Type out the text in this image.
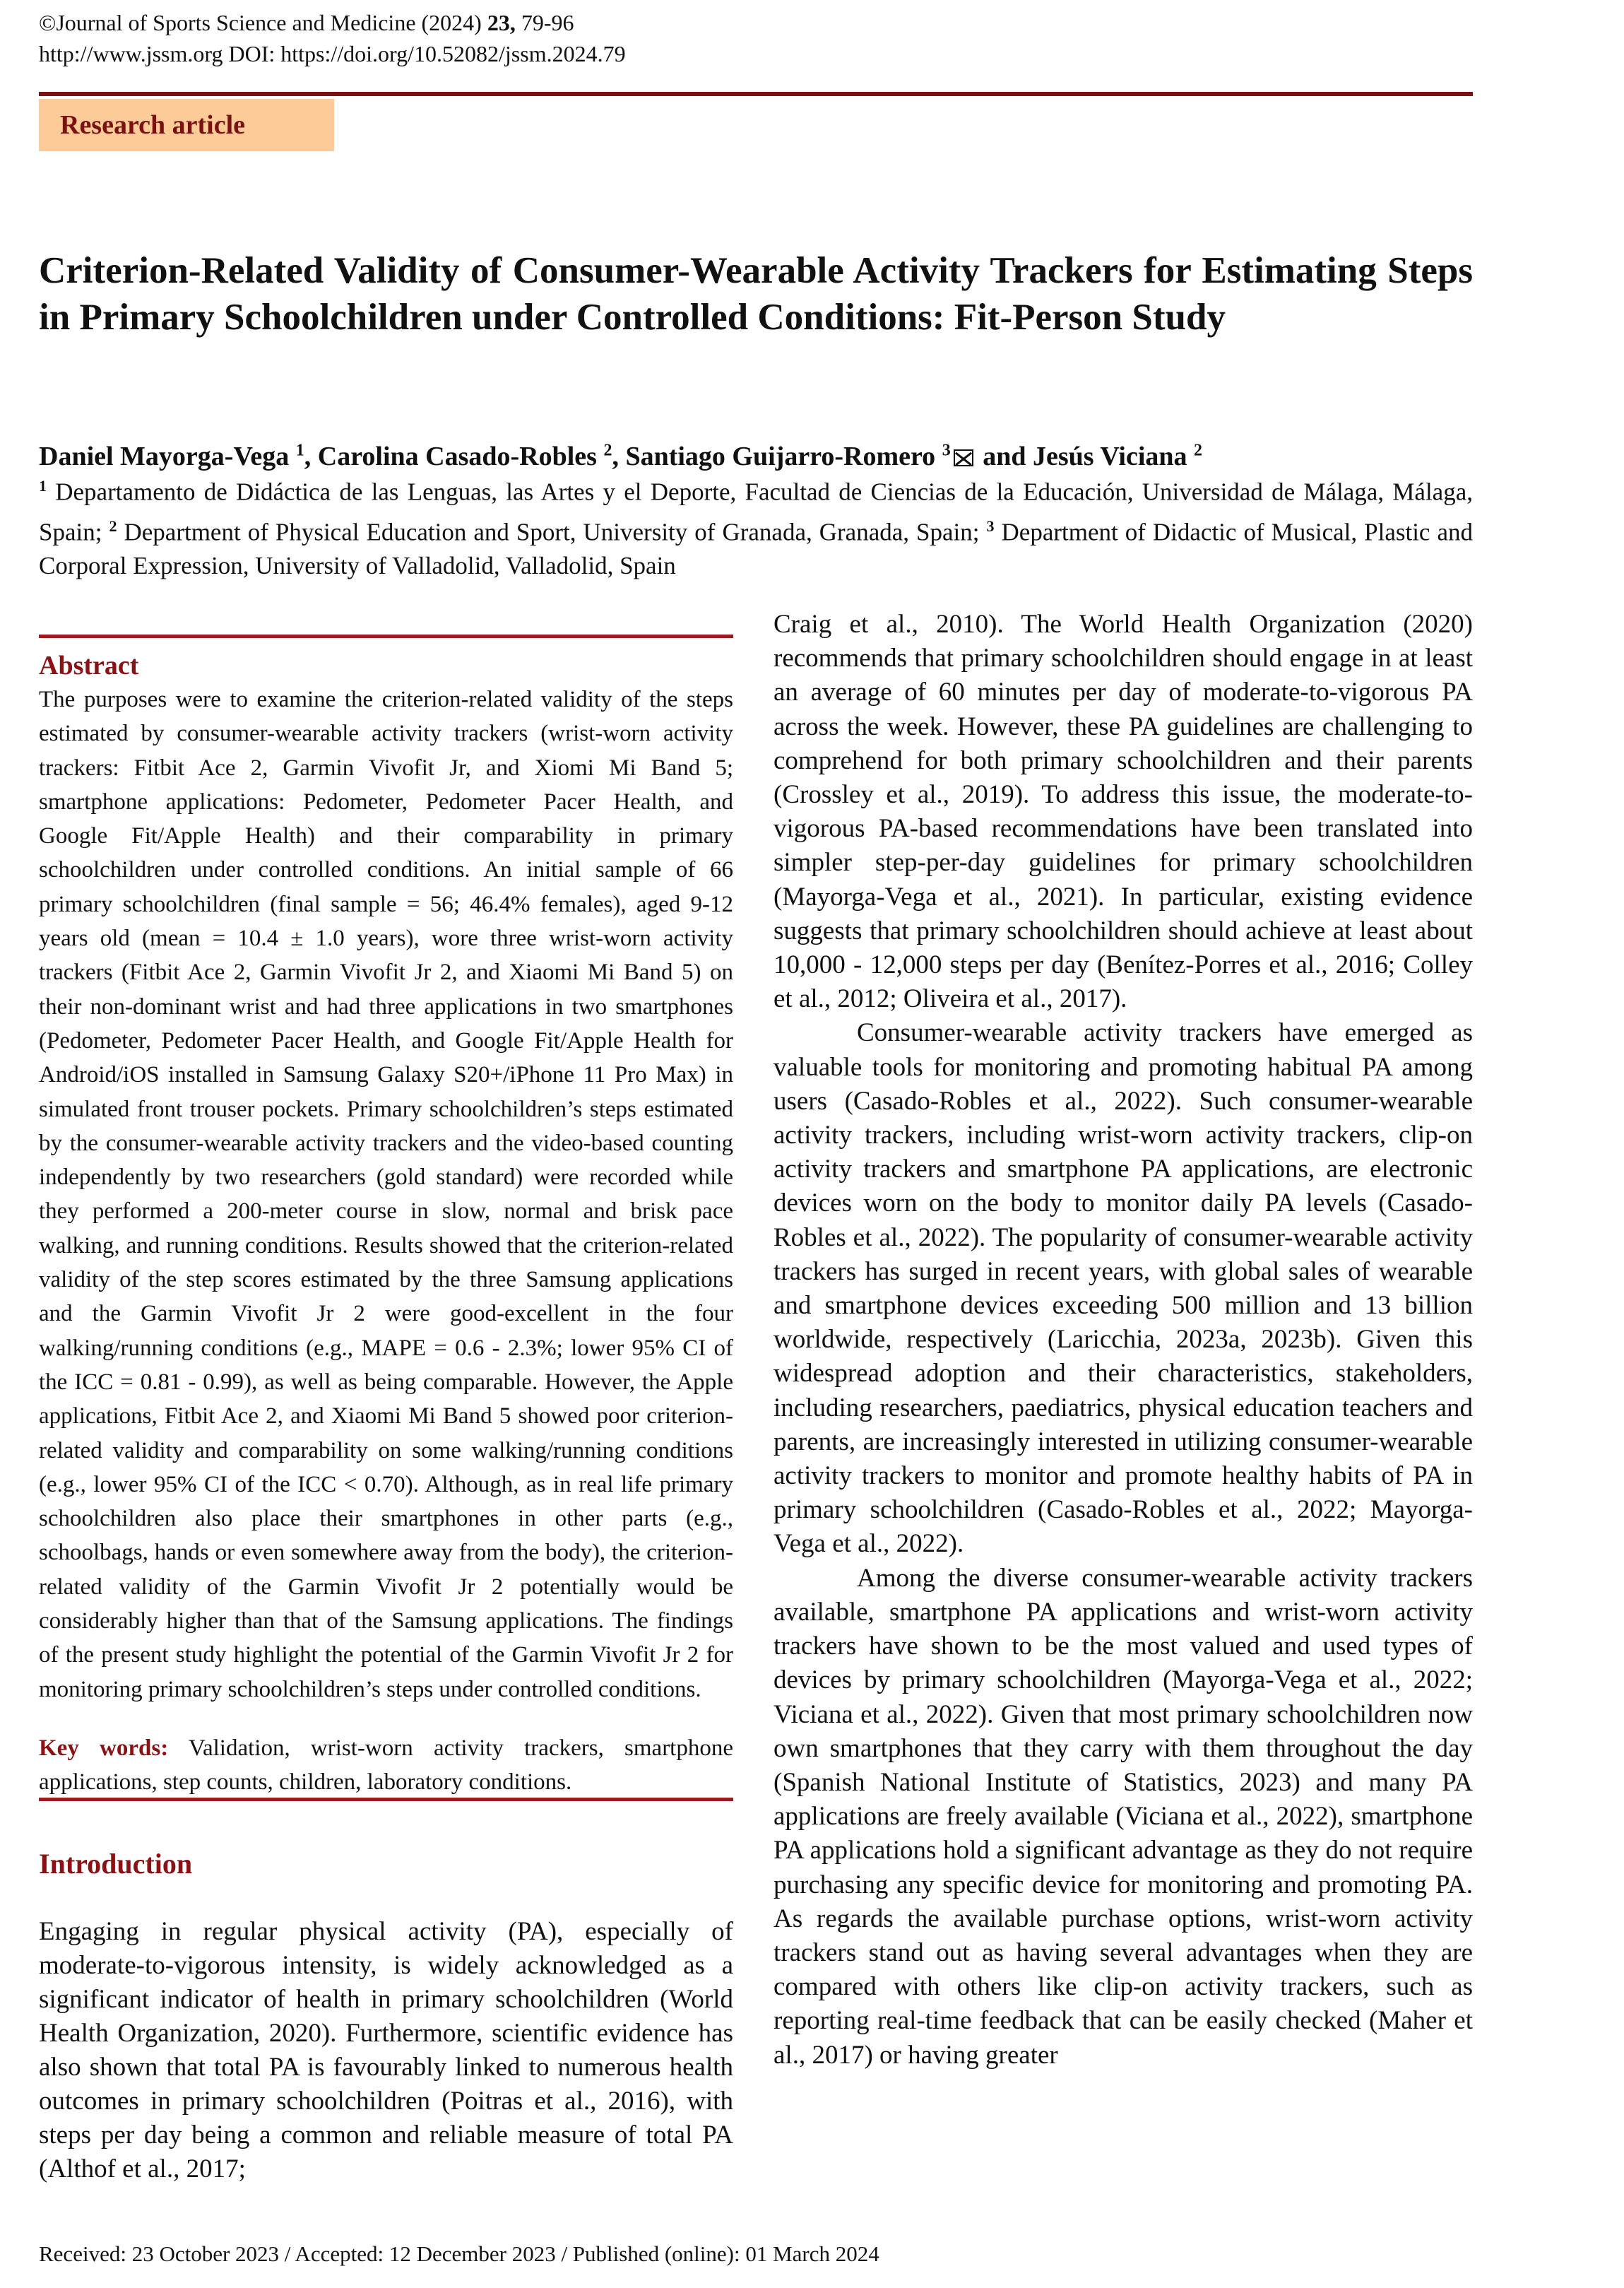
©Journal of Sports Science and Medicine (2024) 23, 79-96
http://www.jssm.org DOI: https://doi.org/10.52082/jssm.2024.79
Research article
Criterion-Related Validity of Consumer-Wearable Activity Trackers for Estimating Steps in Primary Schoolchildren under Controlled Conditions: Fit-Person Study
Daniel Mayorga-Vega $^1$, Carolina Casado-Robles $^2$, Santiago Guijarro-Romero $^3$ and Jesús Viciana $^2$
$^1$ Departamento de Didáctica de las Lenguas, las Artes y el Deporte, Facultad de Ciencias de la Educación, Universidad de Málaga, Málaga, Spain; $^2$ Department of Physical Education and Sport, University of Granada, Granada, Spain; $^3$ Department of Didactic of Musical, Plastic and Corporal Expression, University of Valladolid, Valladolid, Spain
Abstract
The purposes were to examine the criterion-related validity of the steps estimated by consumer-wearable activity trackers (wrist-worn activity trackers: Fitbit Ace 2, Garmin Vivofit Jr, and Xiomi Mi Band 5; smartphone applications: Pedometer, Pedometer Pacer Health, and Google Fit/Apple Health) and their comparability in primary schoolchildren under controlled conditions. An initial sample of 66 primary schoolchildren (final sample = 56; 46.4% females), aged 9-12 years old (mean = 10.4 ± 1.0 years), wore three wrist-worn activity trackers (Fitbit Ace 2, Garmin Vivofit Jr 2, and Xiaomi Mi Band 5) on their non-dominant wrist and had three applications in two smartphones (Pedometer, Pedometer Pacer Health, and Google Fit/Apple Health for Android/iOS installed in Samsung Galaxy S20+/iPhone 11 Pro Max) in simulated front trouser pockets. Primary schoolchildren’s steps estimated by the consumer-wearable activity trackers and the video-based counting independently by two researchers (gold standard) were recorded while they performed a 200-meter course in slow, normal and brisk pace walking, and running conditions. Results showed that the criterion-related validity of the step scores estimated by the three Samsung applications and the Garmin Vivofit Jr 2 were good-excellent in the four walking/running conditions (e.g., MAPE = 0.6 - 2.3%; lower 95% CI of the ICC = 0.81 - 0.99), as well as being comparable. However, the Apple applications, Fitbit Ace 2, and Xiaomi Mi Band 5 showed poor criterion-related validity and comparability on some walking/running conditions (e.g., lower 95% CI of the ICC < 0.70). Although, as in real life primary schoolchildren also place their smartphones in other parts (e.g., schoolbags, hands or even somewhere away from the body), the criterion-related validity of the Garmin Vivofit Jr 2 potentially would be considerably higher than that of the Samsung applications. The findings of the present study highlight the potential of the Garmin Vivofit Jr 2 for monitoring primary schoolchildren’s steps under controlled conditions.
Key words: Validation, wrist-worn activity trackers, smartphone applications, step counts, children, laboratory conditions.
Introduction
Engaging in regular physical activity (PA), especially of moderate-to-vigorous intensity, is widely acknowledged as a significant indicator of health in primary schoolchildren (World Health Organization, 2020). Furthermore, scientific evidence has also shown that total PA is favourably linked to numerous health outcomes in primary schoolchildren (Poitras et al., 2016), with steps per day being a common and reliable measure of total PA (Althof et al., 2017;

Craig et al., 2010). The World Health Organization (2020) recommends that primary schoolchildren should engage in at least an average of 60 minutes per day of moderate-to-vigorous PA across the week. However, these PA guidelines are challenging to comprehend for both primary schoolchildren and their parents (Crossley et al., 2019). To address this issue, the moderate-to-vigorous PA-based recommendations have been translated into simpler step-per-day guidelines for primary schoolchildren (Mayorga-Vega et al., 2021). In particular, existing evidence suggests that primary schoolchildren should achieve at least about 10,000 - 12,000 steps per day (Benítez-Porres et al., 2016; Colley et al., 2012; Oliveira et al., 2017).

Consumer-wearable activity trackers have emerged as valuable tools for monitoring and promoting habitual PA among users (Casado-Robles et al., 2022). Such consumer-wearable activity trackers, including wrist-worn activity trackers, clip-on activity trackers and smartphone PA applications, are electronic devices worn on the body to monitor daily PA levels (Casado-Robles et al., 2022). The popularity of consumer-wearable activity trackers has surged in recent years, with global sales of wearable and smartphone devices exceeding 500 million and 13 billion worldwide, respectively (Laricchia, 2023a, 2023b). Given this widespread adoption and their characteristics, stakeholders, including researchers, paediatrics, physical education teachers and parents, are increasingly interested in utilizing consumer-wearable activity trackers to monitor and promote healthy habits of PA in primary schoolchildren (Casado-Robles et al., 2022; Mayorga-Vega et al., 2022).

Among the diverse consumer-wearable activity trackers available, smartphone PA applications and wrist-worn activity trackers have shown to be the most valued and used types of devices by primary schoolchildren (Mayorga-Vega et al., 2022; Viciana et al., 2022). Given that most primary schoolchildren now own smartphones that they carry with them throughout the day (Spanish National Institute of Statistics, 2023) and many PA applications are freely available (Viciana et al., 2022), smartphone PA applications hold a significant advantage as they do not require purchasing any specific device for monitoring and promoting PA. As regards the available purchase options, wrist-worn activity trackers stand out as having several advantages when they are compared with others like clip-on activity trackers, such as reporting real-time feedback that can be easily checked (Maher et al., 2017) or having greater

Received: 23 October 2023 / Accepted: 12 December 2023 / Published (online): 01 March 2024
